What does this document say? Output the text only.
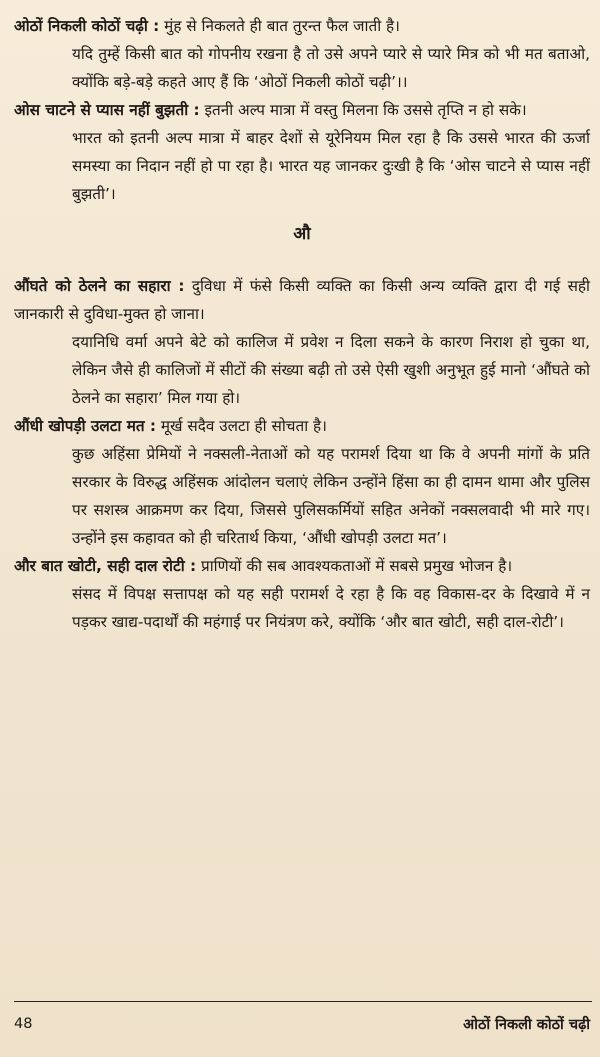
ओठों निकली कोठों चढ़ी : मुंह से निकलते ही बात तुरन्त फैल जाती है।

यदि तुम्हें किसी बात को गोपनीय रखना है तो उसे अपने प्यारे से प्यारे मित्र को भी मत बताओ, क्योंकि बड़े-बड़े कहते आए हैं कि ‘ओठों निकली कोठों चढ़ी’।।

ओस चाटने से प्यास नहीं बुझती : इतनी अल्प मात्रा में वस्तु मिलना कि उससे तृप्ति न हो सके।

भारत को इतनी अल्प मात्रा में बाहर देशों से यूरेनियम मिल रहा है कि उससे भारत की ऊर्जा समस्या का निदान नहीं हो पा रहा है। भारत यह जानकर दुःखी है कि ‘ओस चाटने से प्यास नहीं बुझती’।

औ

औंघते को ठेलने का सहारा : दुविधा में फंसे किसी व्यक्ति का किसी अन्य व्यक्ति द्वारा दी गई सही जानकारी से दुविधा-मुक्त हो जाना।

दयानिधि वर्मा अपने बेटे को कालिज में प्रवेश न दिला सकने के कारण निराश हो चुका था, लेकिन जैसे ही कालिजों में सीटों की संख्या बढ़ी तो उसे ऐसी खुशी अनुभूत हुई मानो ‘औंघते को ठेलने का सहारा’ मिल गया हो।

औंधी खोपड़ी उलटा मत : मूर्ख सदैव उलटा ही सोचता है।

कुछ अहिंसा प्रेमियों ने नक्सली-नेताओं को यह परामर्श दिया था कि वे अपनी मांगों के प्रति सरकार के विरुद्ध अहिंसक आंदोलन चलाएं लेकिन उन्होंने हिंसा का ही दामन थामा और पुलिस पर सशस्त्र आक्रमण कर दिया, जिससे पुलिसकर्मियों सहित अनेकों नक्सलवादी भी मारे गए। उन्होंने इस कहावत को ही चरितार्थ किया, ‘औंधी खोपड़ी उलटा मत’।

और बात खोटी, सही दाल रोटी : प्राणियों की सब आवश्यकताओं में सबसे प्रमुख भोजन है।

संसद में विपक्ष सत्तापक्ष को यह सही परामर्श दे रहा है कि वह विकास-दर के दिखावे में न पड़कर खाद्य-पदार्थों की महंगाई पर नियंत्रण करे, क्योंकि ‘और बात खोटी, सही दाल-रोटी’।

48	ओठों निकली कोठों चढ़ी
